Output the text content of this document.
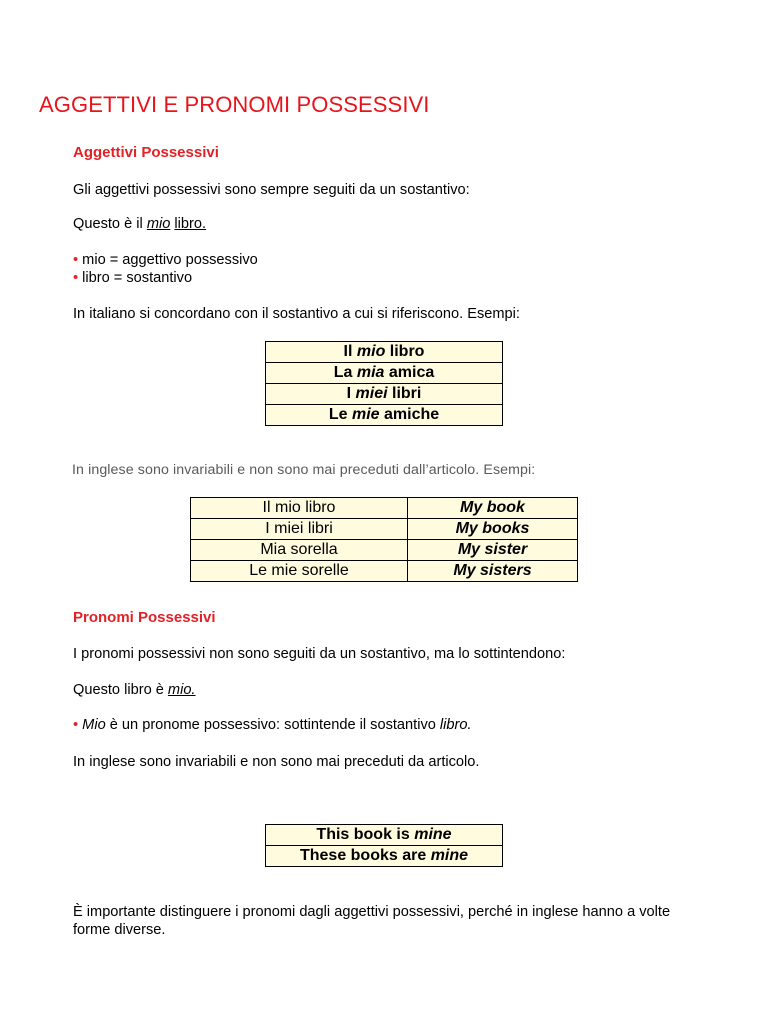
AGGETTIVI E PRONOMI POSSESSIVI
Aggettivi Possessivi
Gli aggettivi possessivi sono sempre seguiti da un sostantivo:
Questo è il mio libro.
• mio = aggettivo possessivo
• libro = sostantivo
In italiano si concordano con il sostantivo a cui si riferiscono. Esempi:
Il mio libro
La mia amica
I miei libri
Le mie amiche
In inglese sono invariabili e non sono mai preceduti dall’articolo. Esempi:
Il mio libro	My book
I miei libri	My books
Mia sorella	My sister
Le mie sorelle	My sisters
Pronomi Possessivi
I pronomi possessivi non sono seguiti da un sostantivo, ma lo sottintendono:
Questo libro è mio.
• Mio è un pronome possessivo: sottintende il sostantivo libro.
In inglese sono invariabili e non sono mai preceduti da articolo.
This book is mine
These books are mine
È importante distinguere i pronomi dagli aggettivi possessivi, perché in inglese hanno a volte forme diverse.
